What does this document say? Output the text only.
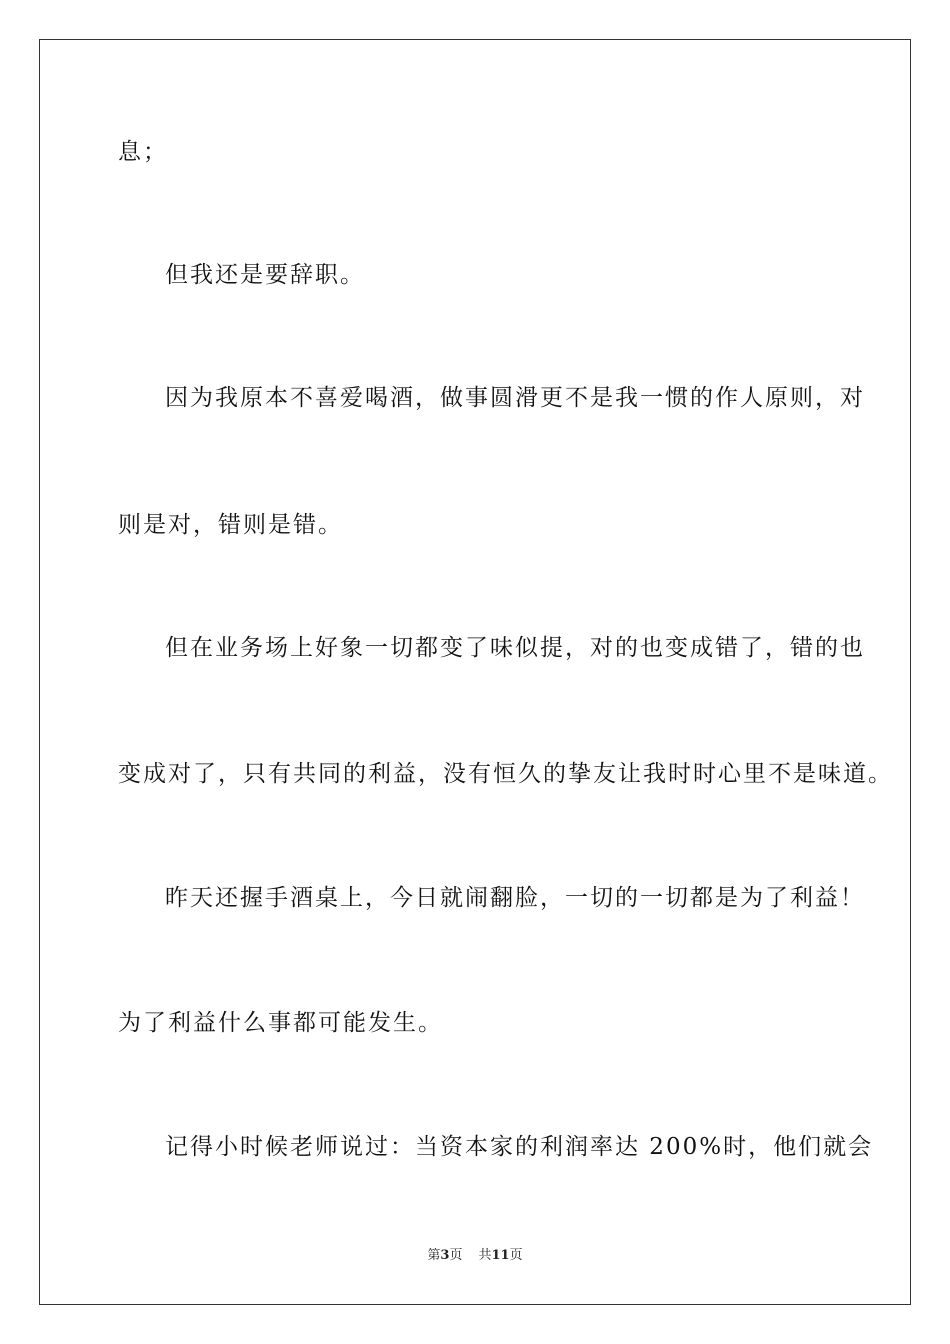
息；
但我还是要辞职。
因为我原本不喜爱喝酒，做事圆滑更不是我一惯的作人原则，对
则是对，错则是错。
但在业务场上好象一切都变了味似提，对的也变成错了，错的也
变成对了，只有共同的利益，没有恒久的挚友让我时时心里不是味道。
昨天还握手酒桌上，今日就闹翻脸，一切的一切都是为了利益！
为了利益什么事都可能发生。
记得小时候老师说过：当资本家的利润率达 200%时，他们就会
第3页 共11页
